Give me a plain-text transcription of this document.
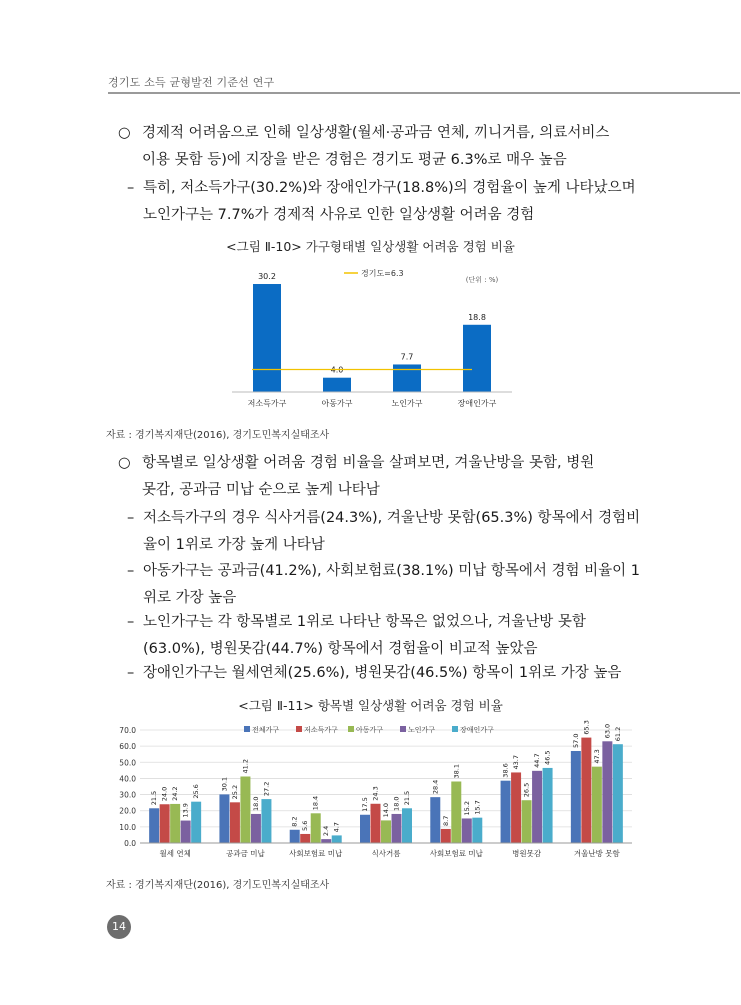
경기도 소득 균형발전 기준선 연구
○ 경제적 어려움으로 인해 일상생활(월세·공과금 연체, 끼니거름, 의료서비스
이용 못함 등)에 지장을 받은 경험은 경기도 평균 6.3%로 매우 높음
– 특히, 저소득가구(30.2%)와 장애인가구(18.8%)의 경험율이 높게 나타났으며
노인가구는 7.7%가 경제적 사유로 인한 일상생활 어려움 경험
<그림 Ⅱ-10> 가구형태별 일상생활 어려움 경험 비율
경기도=6.3
(단위 : %)
30.2
저소득가구
4.0
아동가구
7.7
노인가구
18.8
장애인가구
자료 : 경기복지재단(2016), 경기도민복지실태조사
○ 항목별로 일상생활 어려움 경험 비율을 살펴보면, 겨울난방을 못함, 병원
못감, 공과금 미납 순으로 높게 나타남
– 저소득가구의 경우 식사거름(24.3%), 겨울난방 못함(65.3%) 항목에서 경험비
율이 1위로 가장 높게 나타남
– 아동가구는 공과금(41.2%), 사회보험료(38.1%) 미납 항목에서 경험 비율이 1
위로 가장 높음
– 노인가구는 각 항목별로 1위로 나타난 항목은 없었으나, 겨울난방 못함
(63.0%), 병원못감(44.7%) 항목에서 경험율이 비교적 높았음
– 장애인가구는 월세연체(25.6%), 병원못감(46.5%) 항목이 1위로 가장 높음
<그림 Ⅱ-11> 항목별 일상생활 어려움 경험 비율
0.0
10.0
20.0
30.0
40.0
50.0
60.0
70.0	전체가구	저소득가구	아동가구	노인가구	장애인가구
21.5 24.0 24.2
13.9
25.6
월세 연체
30.1
25.2
41.2
18.0
27.2
공과금 미납
8.2 5.6
18.4
2.4 4.7
사회보험료 미납
17.5
24.3
14.0 18.0 21.5
식사거름
28.4
8.7
38.1
15.2 15.7
사회보험료 미납
38.6
43.7
26.5
44.7 46.5
병원못감
57.0
65.3
47.3
63.0 61.2
겨울난방 못함
자료 : 경기복지재단(2016), 경기도민복지실태조사
14
